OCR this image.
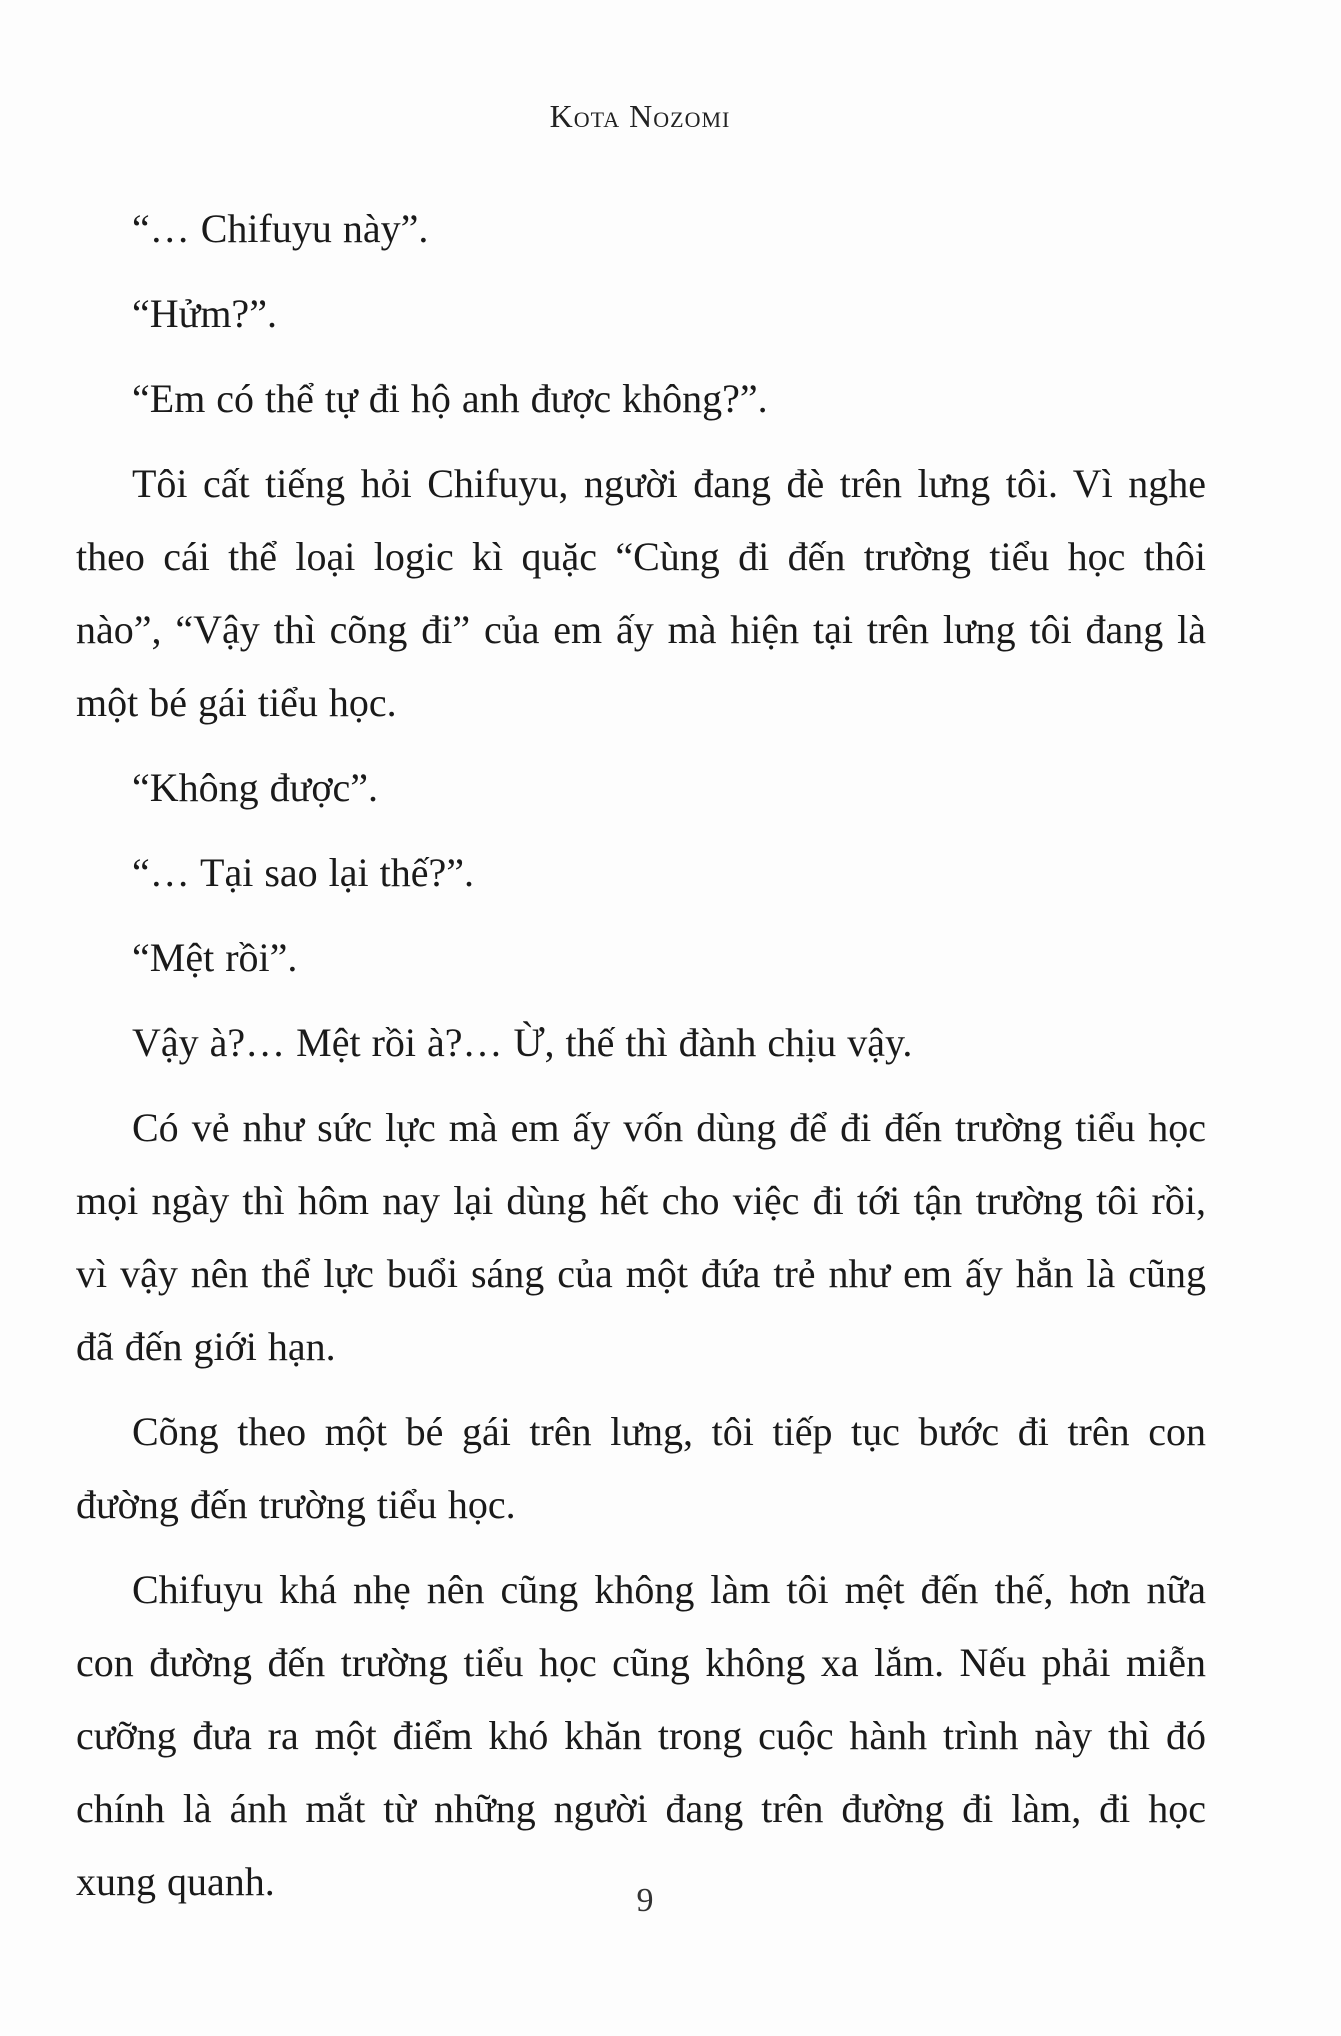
Kota Nozomi

“… Chifuyu này”.

“Hửm?”.

“Em có thể tự đi hộ anh được không?”.

Tôi cất tiếng hỏi Chifuyu, người đang đè trên lưng tôi. Vì nghe theo cái thể loại logic kì quặc “Cùng đi đến trường tiểu học thôi nào”, “Vậy thì cõng đi” của em ấy mà hiện tại trên lưng tôi đang là một bé gái tiểu học.

“Không được”.

“… Tại sao lại thế?”.

“Mệt rồi”.

Vậy à?… Mệt rồi à?… Ừ, thế thì đành chịu vậy.

Có vẻ như sức lực mà em ấy vốn dùng để đi đến trường tiểu học mọi ngày thì hôm nay lại dùng hết cho việc đi tới tận trường tôi rồi, vì vậy nên thể lực buổi sáng của một đứa trẻ như em ấy hẳn là cũng đã đến giới hạn.

Cõng theo một bé gái trên lưng, tôi tiếp tục bước đi trên con đường đến trường tiểu học.

Chifuyu khá nhẹ nên cũng không làm tôi mệt đến thế, hơn nữa con đường đến trường tiểu học cũng không xa lắm. Nếu phải miễn cưỡng đưa ra một điểm khó khăn trong cuộc hành trình này thì đó chính là ánh mắt từ những người đang trên đường đi làm, đi học xung quanh.	9
